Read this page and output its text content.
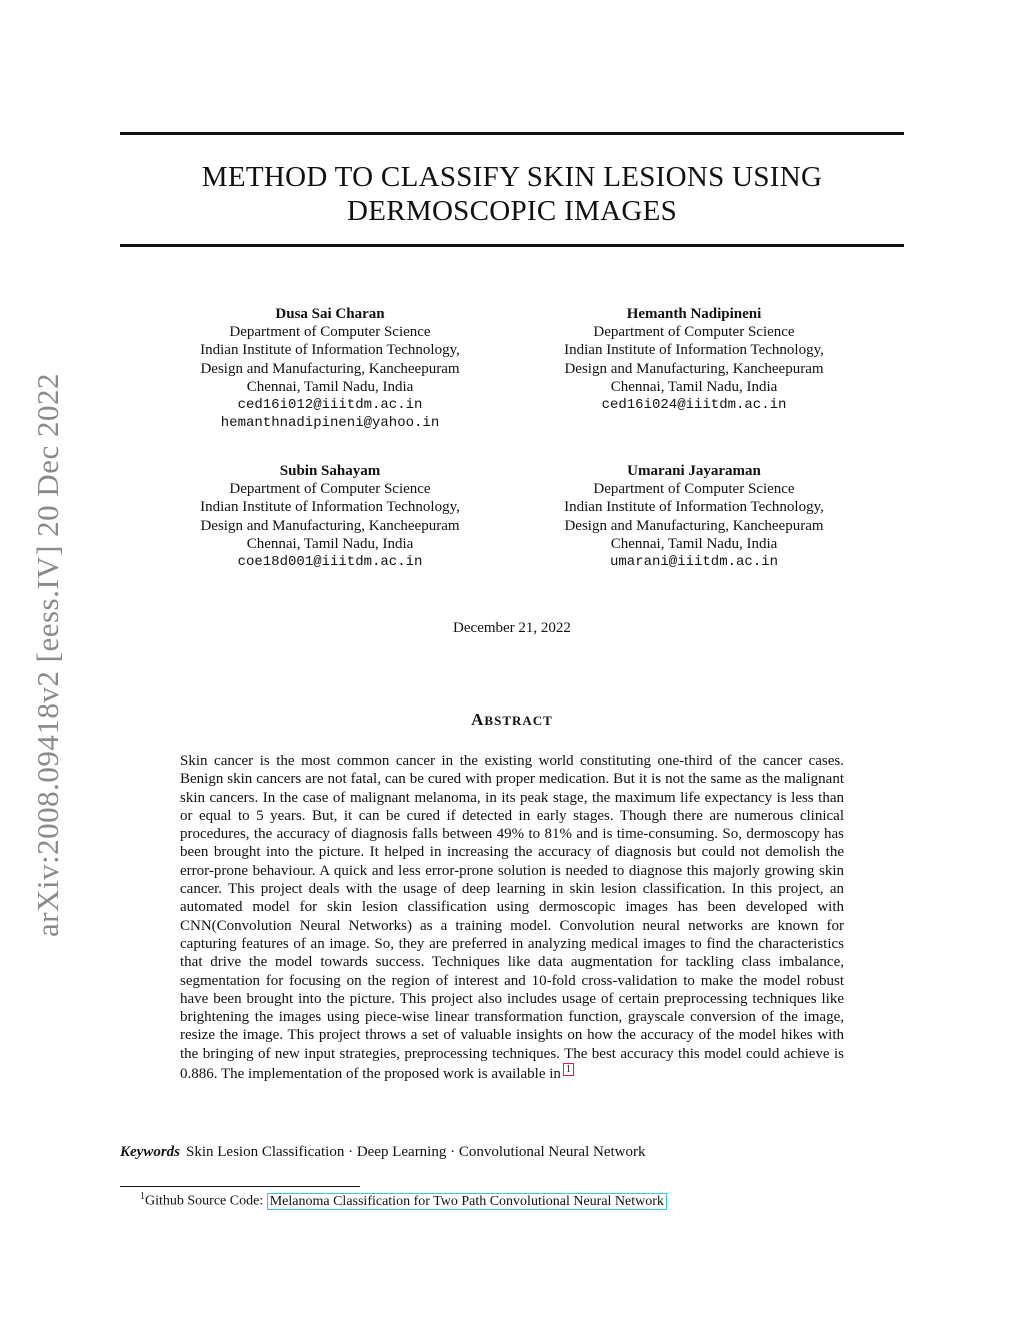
arXiv:2008.09418v2 [eess.IV] 20 Dec 2022
METHOD TO CLASSIFY SKIN LESIONS USING
DERMOSCOPIC IMAGES
Dusa Sai Charan
Department of Computer Science
Indian Institute of Information Technology,
Design and Manufacturing, Kancheepuram
Chennai, Tamil Nadu, India
ced16i012@iiitdm.ac.in
hemanthnadipineni@yahoo.in
Hemanth Nadipineni
Department of Computer Science
Indian Institute of Information Technology,
Design and Manufacturing, Kancheepuram
Chennai, Tamil Nadu, India
ced16i024@iiitdm.ac.in
Subin Sahayam
Department of Computer Science
Indian Institute of Information Technology,
Design and Manufacturing, Kancheepuram
Chennai, Tamil Nadu, India
coe18d001@iiitdm.ac.in
Umarani Jayaraman
Department of Computer Science
Indian Institute of Information Technology,
Design and Manufacturing, Kancheepuram
Chennai, Tamil Nadu, India
umarani@iiitdm.ac.in
December 21, 2022
ABSTRACT
Skin cancer is the most common cancer in the existing world constituting one-third of the cancer cases. Benign skin cancers are not fatal, can be cured with proper medication. But it is not the same as the malignant skin cancers. In the case of malignant melanoma, in its peak stage, the maximum life expectancy is less than or equal to 5 years. But, it can be cured if detected in early stages. Though there are numerous clinical procedures, the accuracy of diagnosis falls between 49% to 81% and is time-consuming. So, dermoscopy has been brought into the picture. It helped in increasing the accuracy of diagnosis but could not demolish the error-prone behaviour. A quick and less error-prone solution is needed to diagnose this majorly growing skin cancer. This project deals with the usage of deep learning in skin lesion classification. In this project, an automated model for skin lesion classification using dermoscopic images has been developed with CNN(Convolution Neural Networks) as a training model. Convolution neural networks are known for capturing features of an image. So, they are preferred in analyzing medical images to find the characteristics that drive the model towards success. Techniques like data augmentation for tackling class imbalance, segmentation for focusing on the region of interest and 10-fold cross-validation to make the model robust have been brought into the picture. This project also includes usage of certain preprocessing techniques like brightening the images using piece-wise linear transformation function, grayscale conversion of the image, resize the image. This project throws a set of valuable insights on how the accuracy of the model hikes with the bringing of new input strategies, preprocessing techniques. The best accuracy this model could achieve is 0.886. The implementation of the proposed work is available in 1
Keywords Skin Lesion Classification · Deep Learning · Convolutional Neural Network
$^1$Github Source Code: Melanoma Classification for Two Path Convolutional Neural Network
